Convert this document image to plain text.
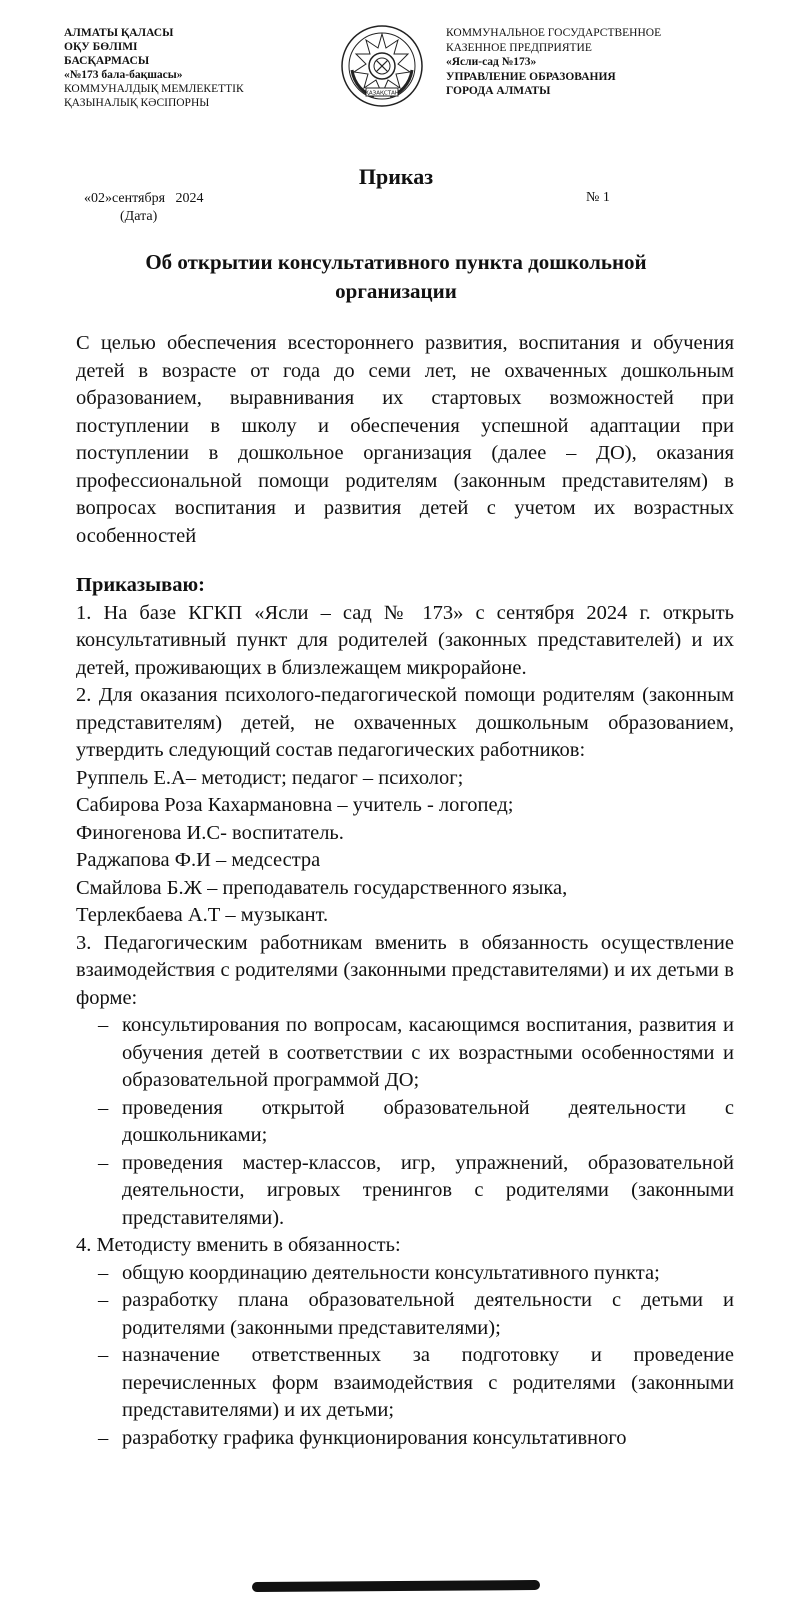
АЛМАТЫ ҚАЛАСЫ
ОҚУ БӨЛІМІ
БАСҚАРМАСЫ
«№173 бала-бақшасы»
КОММУНАЛДЫҚ МЕМЛЕКЕТТІК
ҚАЗЫНАЛЫҚ КӘСІПОРНЫ
ҚАЗАҚСТАН
КОММУНАЛЬНОЕ ГОСУДАРСТВЕННОЕ
КАЗЕННОЕ ПРЕДПРИЯТИЕ
«Ясли-сад №173»
УПРАВЛЕНИЕ ОБРАЗОВАНИЯ
ГОРОДА АЛМАТЫ
Приказ
«02»сентября   2024
(Дата)
№ 1
Об открытии консультативного пункта дошкольной организации

С целью обеспечения всестороннего развития, воспитания и обучения детей в возрасте от года до семи лет, не охваченных дошкольным образованием, выравнивания их стартовых возможностей при поступлении в школу и обеспечения успешной адаптации при поступлении в дошкольное организация (далее – ДО), оказания профессиональной помощи родителям (законным представителям) в вопросах воспитания и развития детей с учетом их возрастных особенностей

Приказываю:

1. На базе КГКП «Ясли – сад № 173» с сентября 2024 г. открыть консультативный пункт для родителей (законных представителей) и их детей, проживающих в близлежащем микрорайоне.

2. Для оказания психолого-педагогической помощи родителям (законным представителям) детей, не охваченных дошкольным образованием, утвердить следующий состав педагогических работников:

Руппель Е.А– методист; педагог – психолог;

Сабирова Роза Кахармановна – учитель - логопед;

Финогенова И.С- воспитатель.

Раджапова Ф.И – медсестра

Смайлова Б.Ж – преподаватель государственного языка,

Терлекбаева А.Т – музыкант.

3. Педагогическим работникам вменить в обязанность осуществление взаимодействия с родителями (законными представителями) и их детьми в форме:

– консультирования по вопросам, касающимся воспитания, развития и обучения детей в соответствии с их возрастными особенностями и образовательной программой ДО;

– проведения открытой образовательной деятельности с дошкольниками;

– проведения мастер-классов, игр, упражнений, образовательной деятельности, игровых тренингов с родителями (законными представителями).

4. Методисту вменить в обязанность:

– общую координацию деятельности консультативного пункта;

– разработку плана образовательной деятельности с детьми и родителями (законными представителями);

– назначение ответственных за подготовку и проведение перечисленных форм взаимодействия с родителями (законными представителями) и их детьми;

– разработку графика функционирования консультативного
